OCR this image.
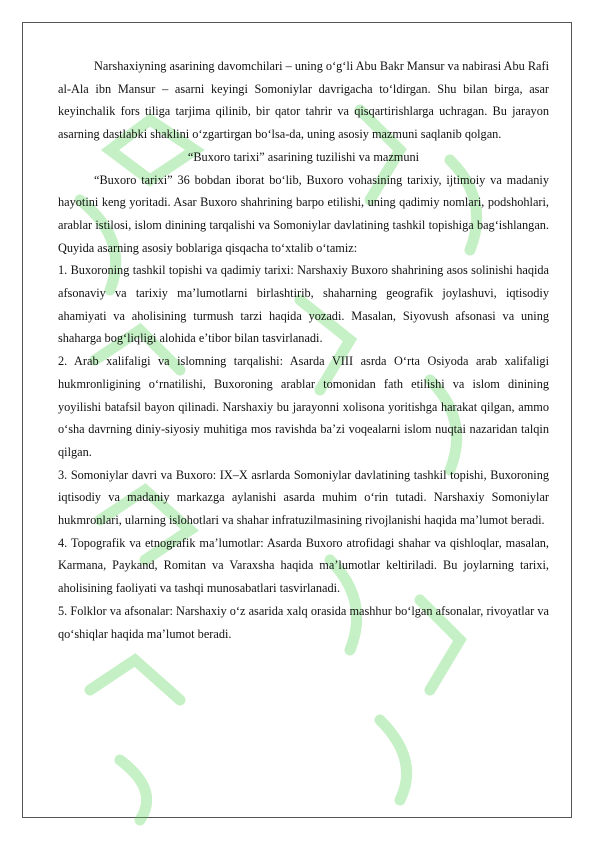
Narshaxiyning asarining davomchilari – uning o‘g‘li Abu Bakr Mansur va nabirasi Abu Rafi al-Ala ibn Mansur – asarni keyingi Somoniylar davrigacha to‘ldirgan. Shu bilan birga, asar keyinchalik fors tiliga tarjima qilinib, bir qator tahrir va qisqartirishlarga uchragan. Bu jarayon asarning dastlabki shaklini o‘zgartirgan bo‘lsa-da, uning asosiy mazmuni saqlanib qolgan.

“Buxoro tarixi” asarining tuzilishi va mazmuni

“Buxoro tarixi” 36 bobdan iborat bo‘lib, Buxoro vohasining tarixiy, ijtimoiy va madaniy hayotini keng yoritadi. Asar Buxoro shahrining barpo etilishi, uning qadimiy nomlari, podshohlari, arablar istilosi, islom dinining tarqalishi va Somoniylar davlatining tashkil topishiga bag‘ishlangan. Quyida asarning asosiy boblariga qisqacha to‘xtalib o‘tamiz:

1. Buxoroning tashkil topishi va qadimiy tarixi: Narshaxiy Buxoro shahrining asos solinishi haqida afsonaviy va tarixiy ma’lumotlarni birlashtirib, shaharning geografik joylashuvi, iqtisodiy ahamiyati va aholisining turmush tarzi haqida yozadi. Masalan, Siyovush afsonasi va uning shaharga bog‘liqligi alohida e’tibor bilan tasvirlanadi.

2. Arab xalifaligi va islomning tarqalishi: Asarda VIII asrda O‘rta Osiyoda arab xalifaligi hukmronligining o‘rnatilishi, Buxoroning arablar tomonidan fath etilishi va islom dinining yoyilishi batafsil bayon qilinadi. Narshaxiy bu jarayonni xolisona yoritishga harakat qilgan, ammo o‘sha davrning diniy-siyosiy muhitiga mos ravishda ba’zi voqealarni islom nuqtai nazaridan talqin qilgan.

3. Somoniylar davri va Buxoro: IX–X asrlarda Somoniylar davlatining tashkil topishi, Buxoroning iqtisodiy va madaniy markazga aylanishi asarda muhim o‘rin tutadi. Narshaxiy Somoniylar hukmronlari, ularning islohotlari va shahar infratuzilmasining rivojlanishi haqida ma’lumot beradi.

4. Topografik va etnografik ma’lumotlar: Asarda Buxoro atrofidagi shahar va qishloqlar, masalan, Karmana, Paykand, Romitan va Varaxsha haqida ma’lumotlar keltiriladi. Bu joylarning tarixi, aholisining faoliyati va tashqi munosabatlari tasvirlanadi.

5. Folklor va afsonalar: Narshaxiy o‘z asarida xalq orasida mashhur bo‘lgan afsonalar, rivoyatlar va qo‘shiqlar haqida ma’lumot beradi.
